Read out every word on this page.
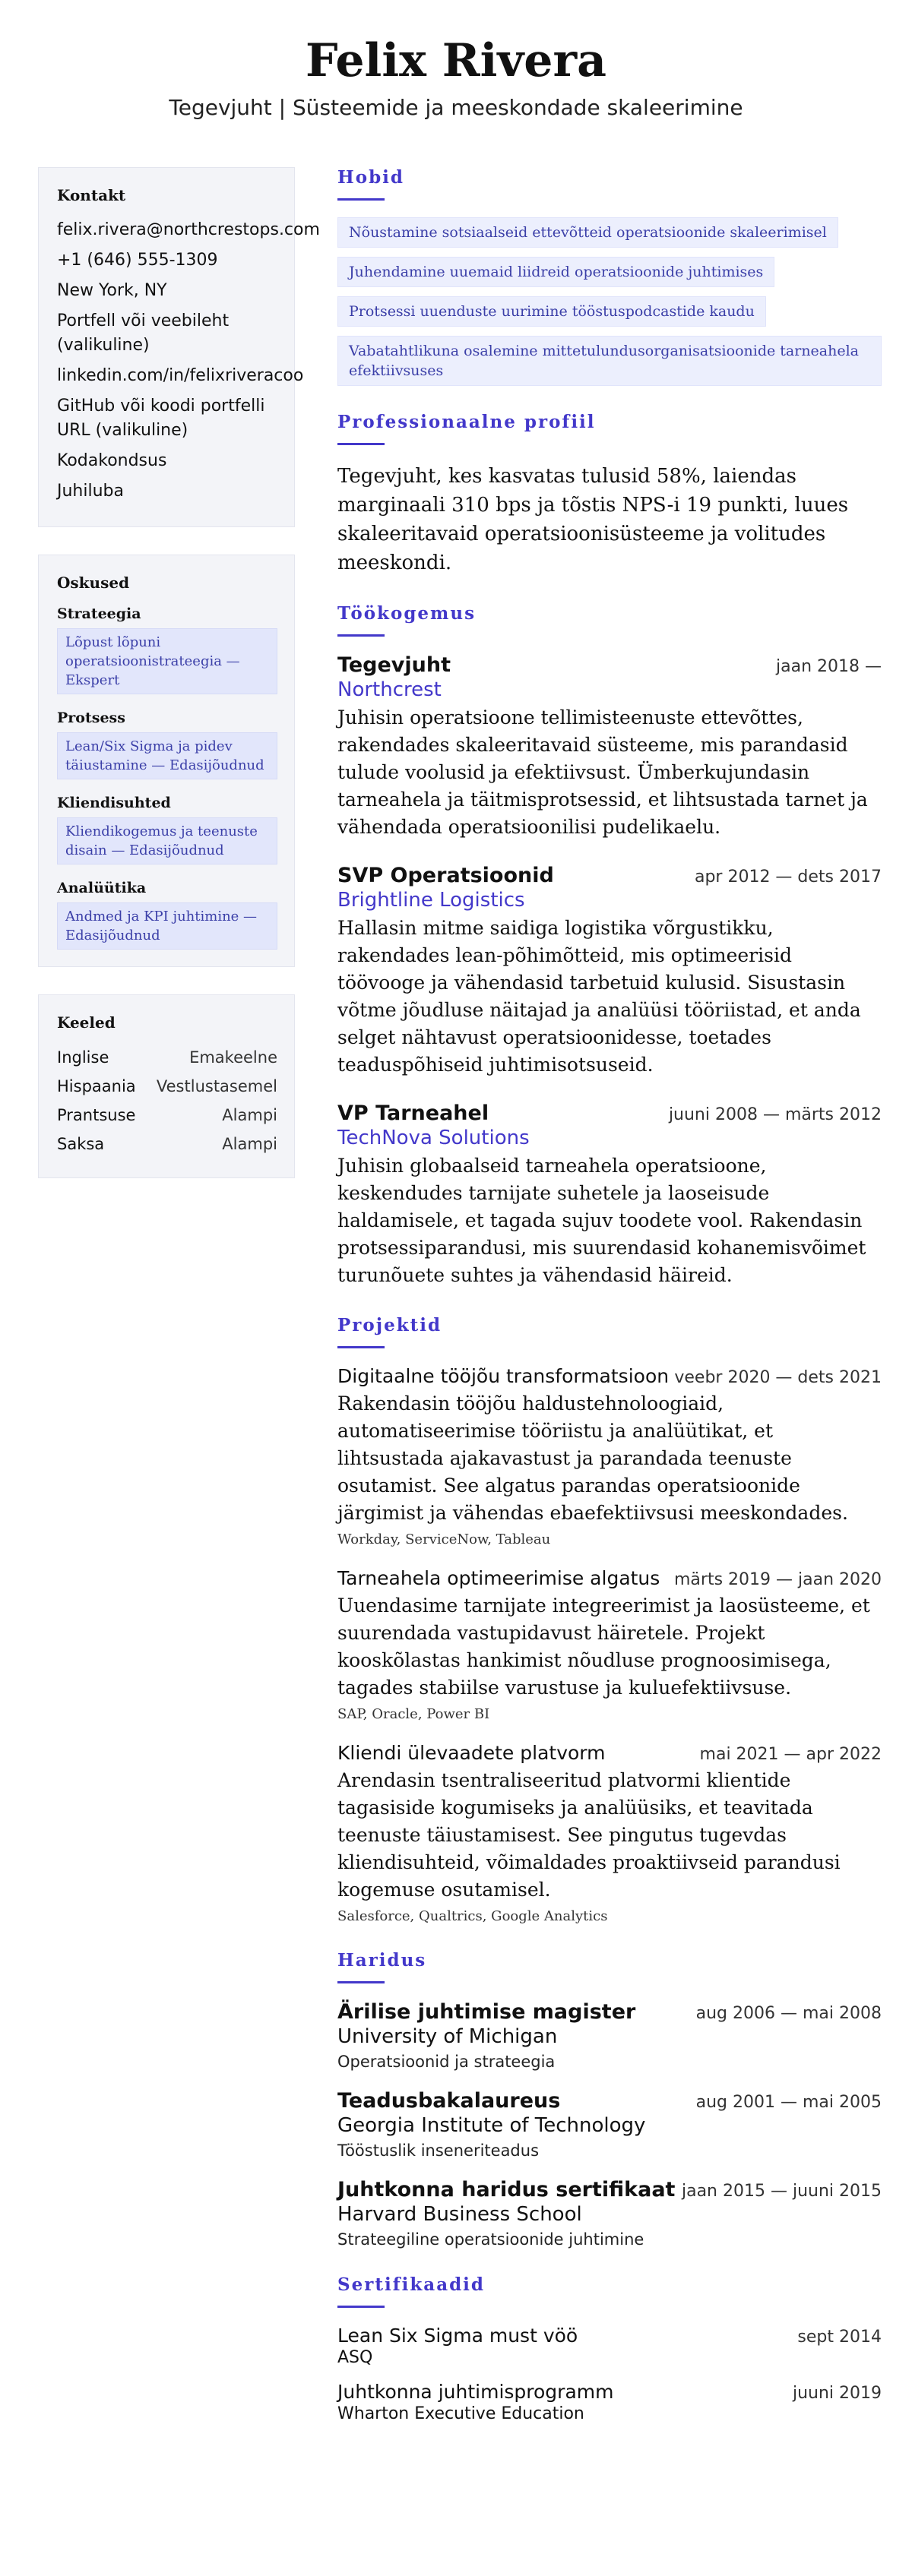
Felix Rivera
Tegevjuht | Süsteemide ja meeskondade skaleerimine
Kontakt
felix.rivera@northcrestops.com
+1 (646) 555-1309
New York, NY
Portfell või veebileht (valikuline)
linkedin.com/in/felixriveracoo
GitHub või koodi portfelli URL (valikuline)
Kodakondsus
Juhiluba
Oskused
Strateegia
Lõpust lõpuni operatsioonistrateegia — Ekspert
Protsess
Lean/Six Sigma ja pidev täiustamine — Edasijõudnud
Kliendisuhted
Kliendikogemus ja teenuste disain — Edasijõudnud
Analüütika
Andmed ja KPI juhtimine — Edasijõudnud
Keeled
Inglise	Emakeelne
Hispaania Vestlustasemel
Prantsuse	Alampi
Saksa	Alampi
Hobid
Nõustamine sotsiaalseid ettevõtteid operatsioonide skaleerimisel
Juhendamine uuemaid liidreid operatsioonide juhtimises
Protsessi uuenduste uurimine tööstuspodcastide kaudu
Vabatahtlikuna osalemine mittetulundusorganisatsioonide tarneahela efektiivsuses
Professionaalne profiil

Tegevjuht, kes kasvatas tulusid 58%, laiendas marginaali 310 bps ja tõstis NPS-i 19 punkti, luues skaleeritavaid operatsioonisüsteeme ja volitudes meeskondi.

Töökogemus
Tegevjuht	jaan 2018 —
Northcrest
Juhisin operatsioone tellimisteenuste ettevõttes, rakendades skaleeritavaid süsteeme, mis parandasid tulude voolusid ja efektiivsust. Ümberkujundasin tarneahela ja täitmisprotsessid, et lihtsustada tarnet ja vähendada operatsioonilisi pudelikaelu.
SVP Operatsioonid	apr 2012 — dets 2017
Brightline Logistics
Hallasin mitme saidiga logistika võrgustikku, rakendades lean-põhimõtteid, mis optimeerisid töövooge ja vähendasid tarbetuid kulusid. Sisustasin võtme jõudluse näitajad ja analüüsi tööriistad, et anda selget nähtavust operatsioonidesse, toetades teaduspõhiseid juhtimisotsuseid.
VP Tarneahel	juuni 2008 — märts 2012
TechNova Solutions
Juhisin globaalseid tarneahela operatsioone, keskendudes tarnijate suhetele ja laoseisude haldamisele, et tagada sujuv toodete vool. Rakendasin protsessiparandusi, mis suurendasid kohanemisvõimet turunõuete suhtes ja vähendasid häireid.
Projektid
Digitaalne tööjõu transformatsioon veebr 2020 — dets 2021
Rakendasin tööjõu haldustehnoloogiaid, automatiseerimise tööriistu ja analüütikat, et lihtsustada ajakavastust ja parandada teenuste osutamist. See algatus parandas operatsioonide järgimist ja vähendas ebaefektiivsusi meeskondades.
Workday, ServiceNow, Tableau
Tarneahela optimeerimise algatus märts 2019 — jaan 2020
Uuendasime tarnijate integreerimist ja laosüsteeme, et suurendada vastupidavust häiretele. Projekt kooskõlastas hankimist nõudluse prognoosimisega, tagades stabiilse varustuse ja kuluefektiivsuse.
SAP, Oracle, Power BI
Kliendi ülevaadete platvorm	mai 2021 — apr 2022
Arendasin tsentraliseeritud platvormi klientide tagasiside kogumiseks ja analüüsiks, et teavitada teenuste täiustamisest. See pingutus tugevdas kliendisuhteid, võimaldades proaktiivseid parandusi kogemuse osutamisel.
Salesforce, Qualtrics, Google Analytics
Haridus
Ärilise juhtimise magister	aug 2006 — mai 2008
University of Michigan
Operatsioonid ja strateegia
Teadusbakalaureus	aug 2001 — mai 2005
Georgia Institute of Technology
Tööstuslik inseneriteadus
Juhtkonna haridus sertifikaat jaan 2015 — juuni 2015
Harvard Business School
Strateegiline operatsioonide juhtimine
Sertifikaadid
Lean Six Sigma must vöö	sept 2014
ASQ
Juhtkonna juhtimisprogramm	juuni 2019
Wharton Executive Education
